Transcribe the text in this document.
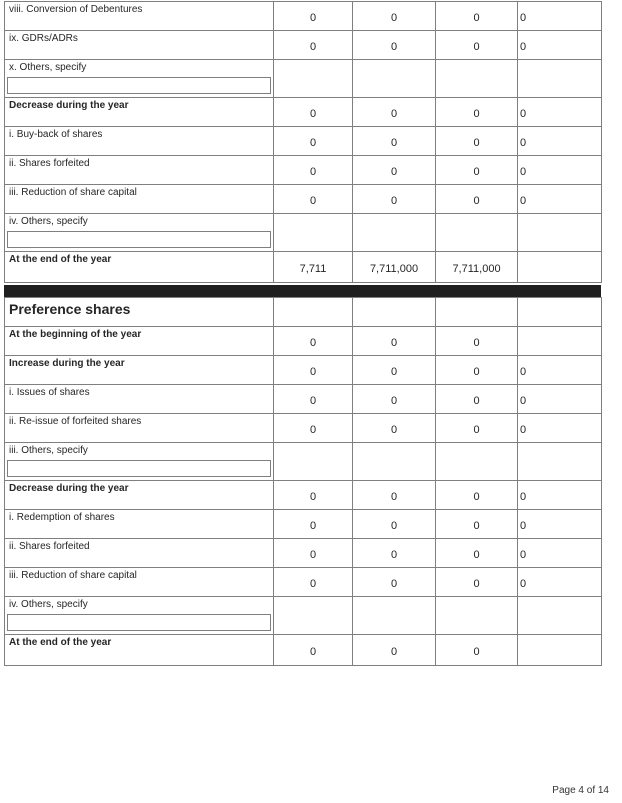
viii. Conversion of Debentures	0	0	0	0
ix. GDRs/ADRs	0	0	0	0
x. Others, specify

Decrease during the year	0	0	0	0
i. Buy-back of shares	0	0	0	0
ii. Shares forfeited	0	0	0	0
iii. Reduction of share capital	0	0	0	0
iv. Others, specify

At the end of the year	7,711	7,711,000	7,711,000	
Preference shares				
At the beginning of the year	0	0	0	
Increase during the year	0	0	0	0
i. Issues of shares	0	0	0	0
ii. Re-issue of forfeited shares	0	0	0	0
iii. Others, specify

Decrease during the year	0	0	0	0
i. Redemption of shares	0	0	0	0
ii. Shares forfeited	0	0	0	0
iii. Reduction of share capital	0	0	0	0
iv. Others, specify

At the end of the year	0	0	0	
Page 4 of 14
